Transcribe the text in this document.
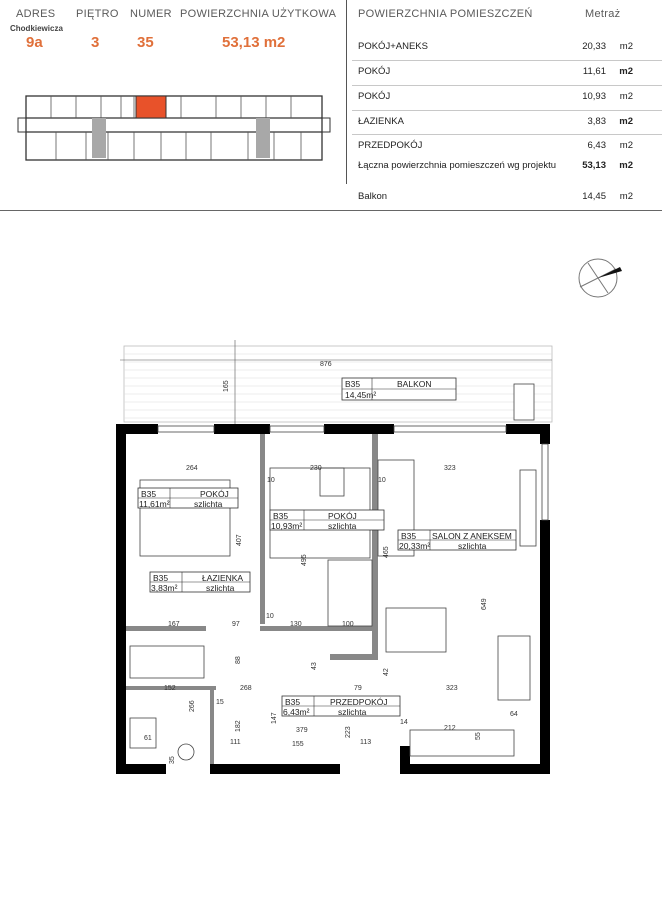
ADRES
Chodkiewicza
9a
PIĘTRO
3
NUMER
35
POWIERZCHNIA UŻYTKOWA
53,13 m2
POWIERZCHNIA POMIESZCZEŃ	Metraż
POKÓJ+ANEKS	20,33 m2
POKÓJ	11,61 m2
POKÓJ	10,93 m2
ŁAZIENKA	3,83 m2
PRZEDPOKÓJ	6,43 m2
Łączna powierzchnia pomieszczeń wg projektu	53,13 m2
Balkon	14,45 m2
B35	BALKON
14,45m²
B35	POKÓJ
11,61m²	szlichta
B35	POKÓJ
10,93m²	szlichta
B35 SALON Z ANEKSEM
20,33m²	szlichta
B35	ŁAZIENKA
3,83m²	szlichta
B35	PRZEDPOKÓJ
6,43m²	szlichta
876
165
264	230	323
10	10
407
495
465
649
167	97	130	100
10
88
43
42
152
266
268	79	323
15
182
147
223
14
212
64
379
113
111	155
61
35
55
